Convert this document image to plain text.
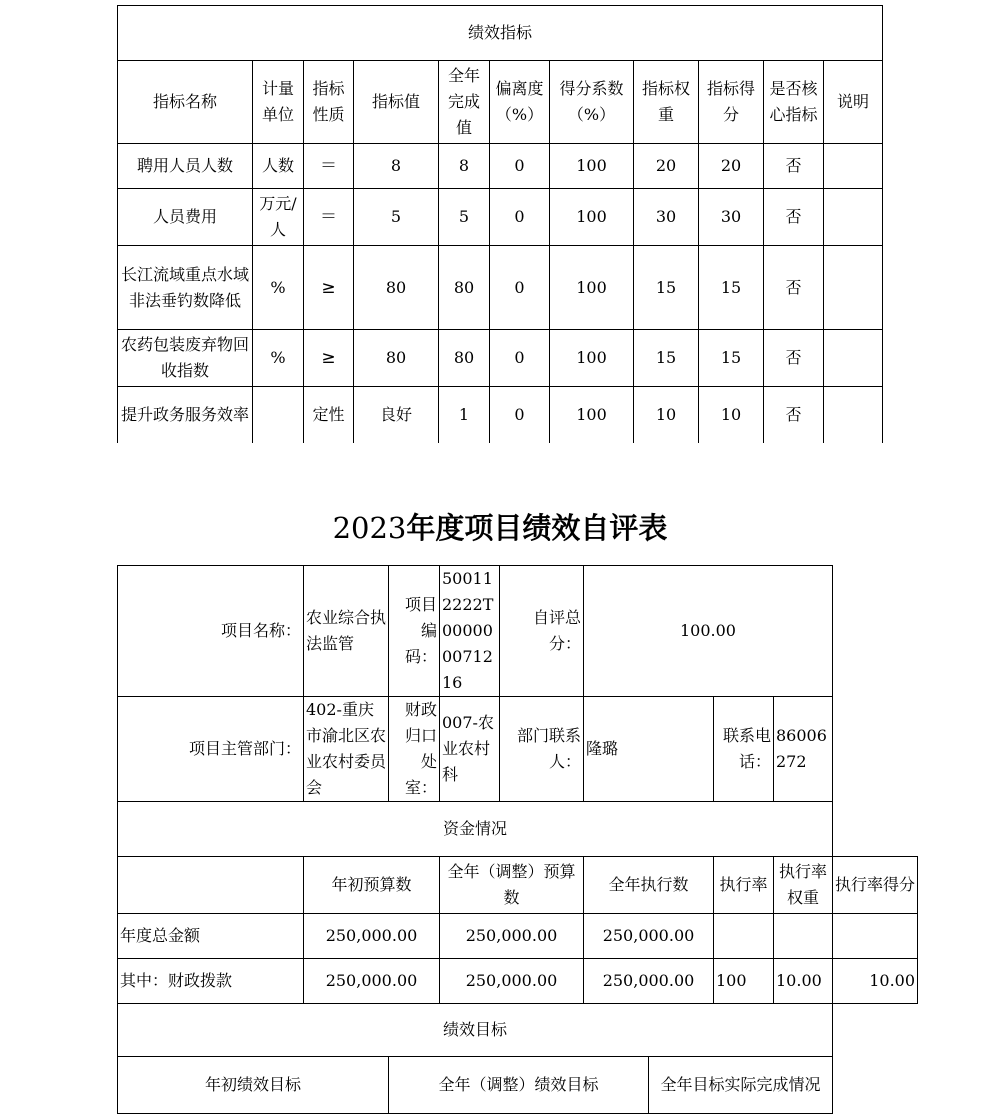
绩效指标										
指标名称	计量单位	指标性质	指标值	全年完成值	偏离度（%）	得分系数（%）	指标权重	指标得分	是否核心指标	说明
聘用人员人数	人数	＝	8	8	0	100	20	20	否	
人员费用	万元/人	＝	5	5	0	100	30	30	否	
长江流域重点水域非法垂钓数降低	%	≥	80	80	0	100	15	15	否	
农药包装废弃物回收指数	%	≥	80	80	0	100	15	15	否	
提升政务服务效率		定性	良好	1	0	100	10	10	否	
2023年度项目绩效自评表
项目名称：	农业综合执法监管	项目编码：	500112222T000000071216	自评总分：	100.00				
项目主管部门：	402-重庆市渝北区农业农村委员会	财政归口处室：	007-农业农村科	部门联系人：	隆璐		联系电话：	86006272	
资金情况									
	年初预算数		全年（调整）预算数		全年执行数		执行率	执行率权重	执行率得分
年度总金额	250,000.00		250,000.00		250,000.00				
其中：财政拨款	250,000.00		250,000.00		250,000.00		100	10.00	10.00
绩效目标									
年初绩效目标		全年（调整）绩效目标				全年目标实际完成情况			
